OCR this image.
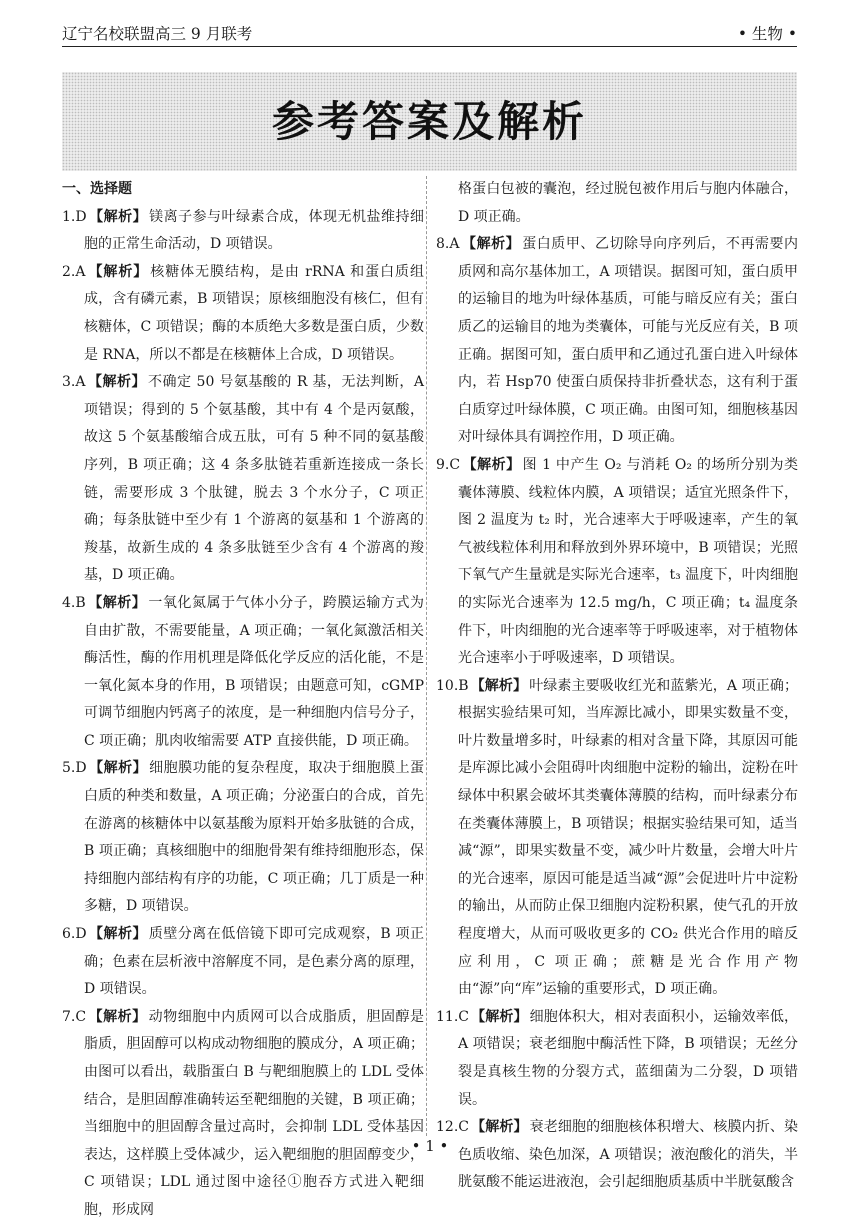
辽宁名校联盟高三 9 月联考	• 生物 •
参考答案及解析
一、选择题
1.D 【解析】 镁离子参与叶绿素合成，体现无机盐维持细胞的正常生命活动，D 项错误。
2.A 【解析】 核糖体无膜结构，是由 rRNA 和蛋白质组成，含有磷元素，B 项错误；原核细胞没有核仁，但有核糖体，C 项错误；酶的本质绝大多数是蛋白质，少数是 RNA，所以不都是在核糖体上合成，D 项错误。
3.A 【解析】 不确定 50 号氨基酸的 R 基，无法判断，A 项错误；得到的 5 个氨基酸，其中有 4 个是丙氨酸，故这 5 个氨基酸缩合成五肽，可有 5 种不同的氨基酸序列，B 项正确；这 4 条多肽链若重新连接成一条长链，需要形成 3 个肽键，脱去 3 个水分子，C 项正确；每条肽链中至少有 1 个游离的氨基和 1 个游离的羧基，故新生成的 4 条多肽链至少含有 4 个游离的羧基，D 项正确。
4.B 【解析】 一氧化氮属于气体小分子，跨膜运输方式为自由扩散，不需要能量，A 项正确；一氧化氮激活相关酶活性，酶的作用机理是降低化学反应的活化能，不是一氧化氮本身的作用，B 项错误；由题意可知，cGMP 可调节细胞内钙离子的浓度，是一种细胞内信号分子，C 项正确；肌肉收缩需要 ATP 直接供能，D 项正确。
5.D 【解析】 细胞膜功能的复杂程度，取决于细胞膜上蛋白质的种类和数量，A 项正确；分泌蛋白的合成，首先在游离的核糖体中以氨基酸为原料开始多肽链的合成，B 项正确；真核细胞中的细胞骨架有维持细胞形态，保持细胞内部结构有序的功能，C 项正确；几丁质是一种多糖，D 项错误。
6.D 【解析】 质壁分离在低倍镜下即可完成观察，B 项正确；色素在层析液中溶解度不同，是色素分离的原理，D 项错误。
7.C 【解析】 动物细胞中内质网可以合成脂质，胆固醇是脂质，胆固醇可以构成动物细胞的膜成分，A 项正确；由图可以看出，载脂蛋白 B 与靶细胞膜上的 LDL 受体结合，是胆固醇准确转运至靶细胞的关键，B 项正确；当细胞中的胆固醇含量过高时，会抑制 LDL 受体基因表达，这样膜上受体减少，运入靶细胞的胆固醇变少，C 项错误；LDL 通过图中途径①胞吞方式进入靶细胞，形成网
格蛋白包被的囊泡，经过脱包被作用后与胞内体融合，D 项正确。
8.A 【解析】 蛋白质甲、乙切除导向序列后，不再需要内质网和高尔基体加工，A 项错误。据图可知，蛋白质甲的运输目的地为叶绿体基质，可能与暗反应有关；蛋白质乙的运输目的地为类囊体，可能与光反应有关，B 项正确。据图可知，蛋白质甲和乙通过孔蛋白进入叶绿体内，若 Hsp70 使蛋白质保持非折叠状态，这有利于蛋白质穿过叶绿体膜，C 项正确。由图可知，细胞核基因对叶绿体具有调控作用，D 项正确。
9.C 【解析】 图 1 中产生 O₂ 与消耗 O₂ 的场所分别为类囊体薄膜、线粒体内膜，A 项错误；适宜光照条件下，图 2 温度为 t₂ 时，光合速率大于呼吸速率，产生的氧气被线粒体利用和释放到外界环境中，B 项错误；光照下氧气产生量就是实际光合速率，t₃ 温度下，叶肉细胞的实际光合速率为 12.5 mg/h，C 项正确；t₄ 温度条件下，叶肉细胞的光合速率等于呼吸速率，对于植物体光合速率小于呼吸速率，D 项错误。
10.B 【解析】 叶绿素主要吸收红光和蓝紫光，A 项正确；根据实验结果可知，当库源比减小，即果实数量不变，叶片数量增多时，叶绿素的相对含量下降，其原因可能是库源比减小会阻碍叶肉细胞中淀粉的输出，淀粉在叶绿体中积累会破坏其类囊体薄膜的结构，而叶绿素分布在类囊体薄膜上，B 项错误；根据实验结果可知，适当减“源”，即果实数量不变，减少叶片数量，会增大叶片的光合速率，原因可能是适当减“源”会促进叶片中淀粉的输出，从而防止保卫细胞内淀粉积累，使气孔的开放程度增大，从而可吸收更多的 CO₂ 供光合作用的暗反应利用，C 项正确；蔗糖是光合作用产物由“源”向“库”运输的重要形式，D 项正确。
11.C 【解析】 细胞体积大，相对表面积小，运输效率低，A 项错误；衰老细胞中酶活性下降，B 项错误；无丝分裂是真核生物的分裂方式，蓝细菌为二分裂，D 项错误。
12.C 【解析】 衰老细胞的细胞核体积增大、核膜内折、染色质收缩、染色加深，A 项错误；液泡酸化的消失，半胱氨酸不能运进液泡，会引起细胞质基质中半胱氨酸含
• 1 •
